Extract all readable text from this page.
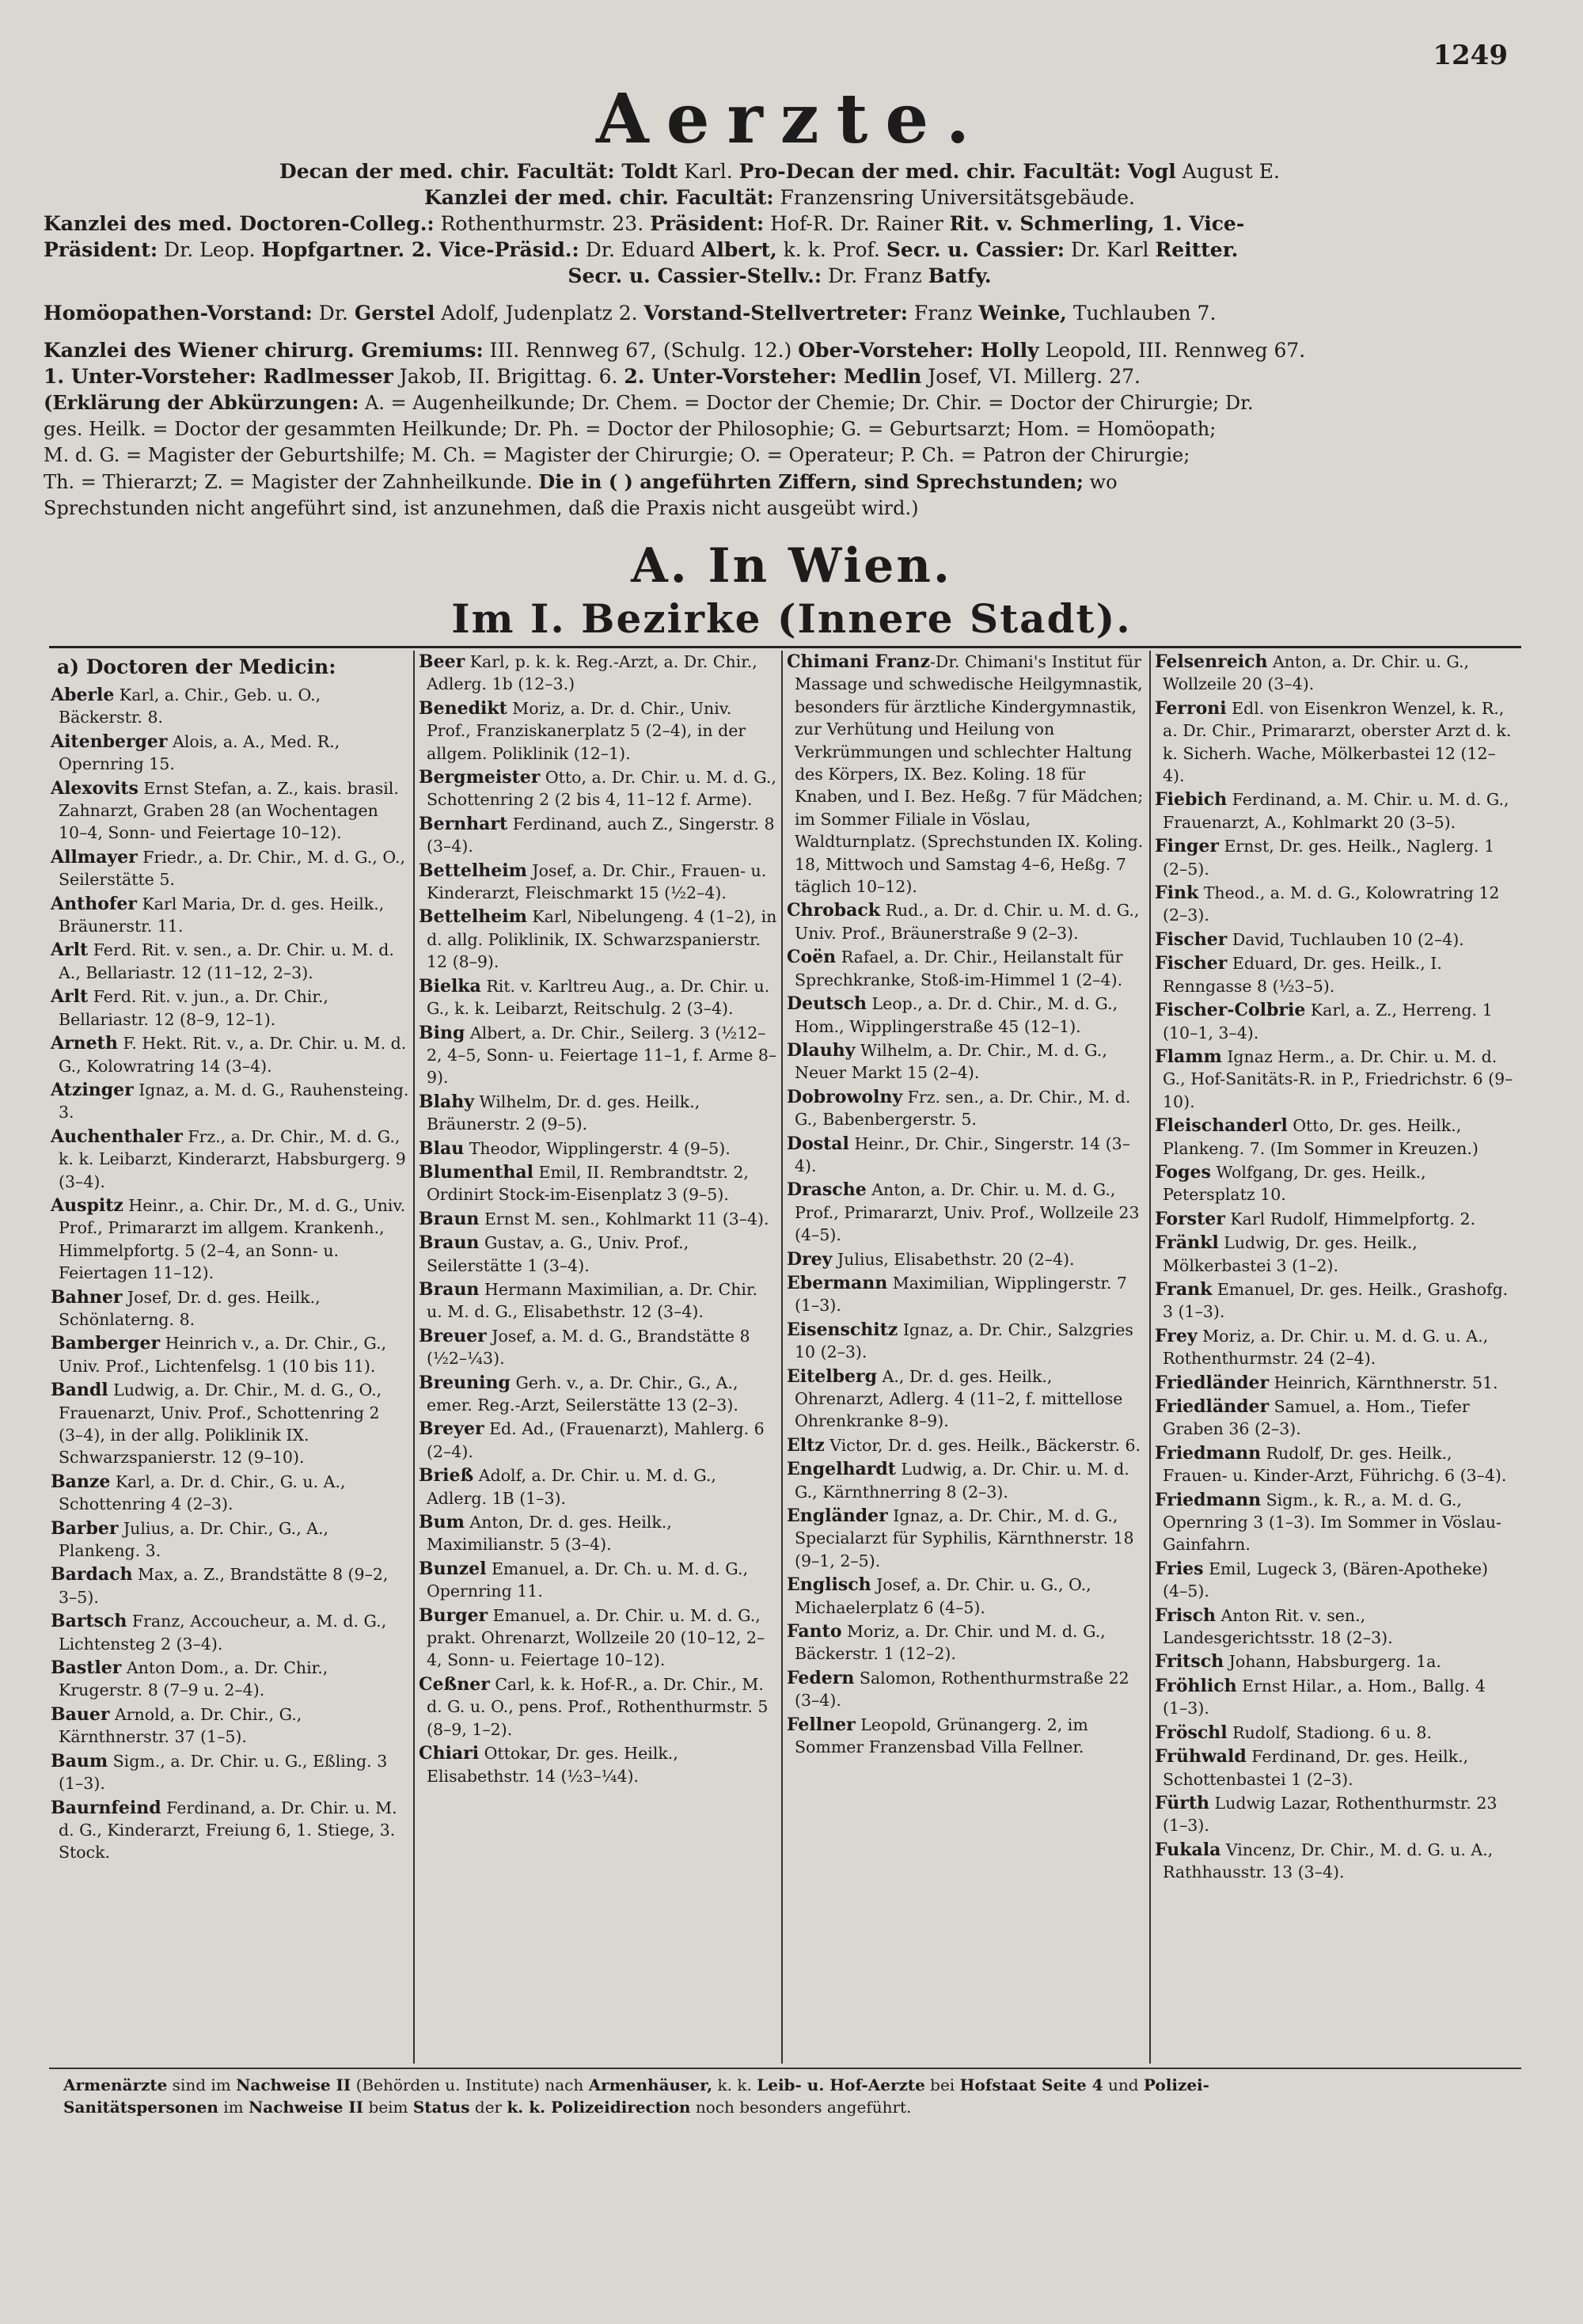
1249
Aerzte.
Decan der med. chir. Facultät: Toldt Karl. Pro-Decan der med. chir. Facultät: Vogl August E.
Kanzlei der med. chir. Facultät: Franzensring Universitätsgebäude.
Kanzlei des med. Doctoren-Colleg.: Rothenthurmstr. 23. Präsident: Hof-R. Dr. Rainer Rit. v. Schmerling, 1. Vice-
Präsident: Dr. Leop. Hopfgartner. 2. Vice-Präsid.: Dr. Eduard Albert, k. k. Prof. Secr. u. Cassier: Dr. Karl Reitter.
Secr. u. Cassier-Stellv.: Dr. Franz Batfy.
Homöopathen-Vorstand: Dr. Gerstel Adolf, Judenplatz 2. Vorstand-Stellvertreter: Franz Weinke, Tuchlauben 7.
Kanzlei des Wiener chirurg. Gremiums: III. Rennweg 67, (Schulg. 12.) Ober-Vorsteher: Holly Leopold, III. Rennweg 67.
1. Unter-Vorsteher: Radlmesser Jakob, II. Brigittag. 6. 2. Unter-Vorsteher: Medlin Josef, VI. Millerg. 27.
(Erklärung der Abkürzungen: A. = Augenheilkunde; Dr. Chem. = Doctor der Chemie; Dr. Chir. = Doctor der Chirurgie; Dr.
ges. Heilk. = Doctor der gesammten Heilkunde; Dr. Ph. = Doctor der Philosophie; G. = Geburtsarzt; Hom. = Homöopath;
M. d. G. = Magister der Geburtshilfe; M. Ch. = Magister der Chirurgie; O. = Operateur; P. Ch. = Patron der Chirurgie;
Th. = Thierarzt; Z. = Magister der Zahnheilkunde. Die in ( ) angeführten Ziffern, sind Sprechstunden; wo
Sprechstunden nicht angeführt sind, ist anzunehmen, daß die Praxis nicht ausgeübt wird.)
A. In Wien.
Im I. Bezirke (Innere Stadt).
a) Doctoren der Medicin:
Aberle Karl, a. Chir., Geb. u. O., Bäckerstr. 8.
Aitenberger Alois, a. A., Med. R., Opernring 15.
Alexovits Ernst Stefan, a. Z., kais. brasil. Zahnarzt, Graben 28 (an Wochentagen 10–4, Sonn- und Feiertage 10–12).
Allmayer Friedr., a. Dr. Chir., M. d. G., O., Seilerstätte 5.
Anthofer Karl Maria, Dr. d. ges. Heilk., Bräunerstr. 11.
Arlt Ferd. Rit. v. sen., a. Dr. Chir. u. M. d. A., Bellariastr. 12 (11–12, 2–3).
Arlt Ferd. Rit. v. jun., a. Dr. Chir., Bellariastr. 12 (8–9, 12–1).
Arneth F. Hekt. Rit. v., a. Dr. Chir. u. M. d. G., Kolowratring 14 (3–4).
Atzinger Ignaz, a. M. d. G., Rauhensteing. 3.
Auchenthaler Frz., a. Dr. Chir., M. d. G., k. k. Leibarzt, Kinderarzt, Habsburgerg. 9 (3–4).
Auspitz Heinr., a. Chir. Dr., M. d. G., Univ. Prof., Primararzt im allgem. Krankenh., Himmelpfortg. 5 (2–4, an Sonn- u. Feiertagen 11–12).
Bahner Josef, Dr. d. ges. Heilk., Schönlaterng. 8.
Bamberger Heinrich v., a. Dr. Chir., G., Univ. Prof., Lichtenfelsg. 1 (10 bis 11).
Bandl Ludwig, a. Dr. Chir., M. d. G., O., Frauenarzt, Univ. Prof., Schottenring 2 (3–4), in der allg. Poliklinik IX. Schwarzspanierstr. 12 (9–10).
Banze Karl, a. Dr. d. Chir., G. u. A., Schottenring 4 (2–3).
Barber Julius, a. Dr. Chir., G., A., Plankeng. 3.
Bardach Max, a. Z., Brandstätte 8 (9–2, 3–5).
Bartsch Franz, Accoucheur, a. M. d. G., Lichtensteg 2 (3–4).
Bastler Anton Dom., a. Dr. Chir., Krugerstr. 8 (7–9 u. 2–4).
Bauer Arnold, a. Dr. Chir., G., Kärnthnerstr. 37 (1–5).
Baum Sigm., a. Dr. Chir. u. G., Eßling. 3 (1–3).
Baurnfeind Ferdinand, a. Dr. Chir. u. M. d. G., Kinderarzt, Freiung 6, 1. Stiege, 3. Stock.
Beer Karl, p. k. k. Reg.-Arzt, a. Dr. Chir., Adlerg. 1b (12–3.)
Benedikt Moriz, a. Dr. d. Chir., Univ. Prof., Franziskanerplatz 5 (2–4), in der allgem. Poliklinik (12–1).
Bergmeister Otto, a. Dr. Chir. u. M. d. G., Schottenring 2 (2 bis 4, 11–12 f. Arme).
Bernhart Ferdinand, auch Z., Singerstr. 8 (3–4).
Bettelheim Josef, a. Dr. Chir., Frauen- u. Kinderarzt, Fleischmarkt 15 (½2–4).
Bettelheim Karl, Nibelungeng. 4 (1–2), in d. allg. Poliklinik, IX. Schwarzspanierstr. 12 (8–9).
Bielka Rit. v. Karltreu Aug., a. Dr. Chir. u. G., k. k. Leibarzt, Reitschulg. 2 (3–4).
Bing Albert, a. Dr. Chir., Seilerg. 3 (½12–2, 4–5, Sonn- u. Feiertage 11–1, f. Arme 8–9).
Blahy Wilhelm, Dr. d. ges. Heilk., Bräunerstr. 2 (9–5).
Blau Theodor, Wipplingerstr. 4 (9–5).
Blumenthal Emil, II. Rembrandtstr. 2, Ordinirt Stock-im-Eisenplatz 3 (9–5).
Braun Ernst M. sen., Kohlmarkt 11 (3–4).
Braun Gustav, a. G., Univ. Prof., Seilerstätte 1 (3–4).
Braun Hermann Maximilian, a. Dr. Chir. u. M. d. G., Elisabethstr. 12 (3–4).
Breuer Josef, a. M. d. G., Brandstätte 8 (½2–¼3).
Breuning Gerh. v., a. Dr. Chir., G., A., emer. Reg.-Arzt, Seilerstätte 13 (2–3).
Breyer Ed. Ad., (Frauenarzt), Mahlerg. 6 (2–4).
Brieß Adolf, a. Dr. Chir. u. M. d. G., Adlerg. 1B (1–3).
Bum Anton, Dr. d. ges. Heilk., Maximilianstr. 5 (3–4).
Bunzel Emanuel, a. Dr. Ch. u. M. d. G., Opernring 11.
Burger Emanuel, a. Dr. Chir. u. M. d. G., prakt. Ohrenarzt, Wollzeile 20 (10–12, 2–4, Sonn- u. Feiertage 10–12).
Ceßner Carl, k. k. Hof-R., a. Dr. Chir., M. d. G. u. O., pens. Prof., Rothenthurmstr. 5 (8–9, 1–2).
Chiari Ottokar, Dr. ges. Heilk., Elisabethstr. 14 (½3–¼4).
Chimani Franz-Dr. Chimani's Institut für Massage und schwedische Heilgymnastik, besonders für ärztliche Kindergymnastik, zur Verhütung und Heilung von Verkrümmungen und schlechter Haltung des Körpers, IX. Bez. Koling. 18 für Knaben, und I. Bez. Heßg. 7 für Mädchen; im Sommer Filiale in Vöslau, Waldturnplatz. (Sprechstunden IX. Koling. 18, Mittwoch und Samstag 4–6, Heßg. 7 täglich 10–12).
Chroback Rud., a. Dr. d. Chir. u. M. d. G., Univ. Prof., Bräunerstraße 9 (2–3).
Coën Rafael, a. Dr. Chir., Heilanstalt für Sprechkranke, Stoß-im-Himmel 1 (2–4).
Deutsch Leop., a. Dr. d. Chir., M. d. G., Hom., Wipplingerstraße 45 (12–1).
Dlauhy Wilhelm, a. Dr. Chir., M. d. G., Neuer Markt 15 (2–4).
Dobrowolny Frz. sen., a. Dr. Chir., M. d. G., Babenbergerstr. 5.
Dostal Heinr., Dr. Chir., Singerstr. 14 (3–4).
Drasche Anton, a. Dr. Chir. u. M. d. G., Prof., Primararzt, Univ. Prof., Wollzeile 23 (4–5).
Drey Julius, Elisabethstr. 20 (2–4).
Ebermann Maximilian, Wipplingerstr. 7 (1–3).
Eisenschitz Ignaz, a. Dr. Chir., Salzgries 10 (2–3).
Eitelberg A., Dr. d. ges. Heilk., Ohrenarzt, Adlerg. 4 (11–2, f. mittellose Ohrenkranke 8–9).
Eltz Victor, Dr. d. ges. Heilk., Bäckerstr. 6.
Engelhardt Ludwig, a. Dr. Chir. u. M. d. G., Kärnthnerring 8 (2–3).
Engländer Ignaz, a. Dr. Chir., M. d. G., Specialarzt für Syphilis, Kärnthnerstr. 18 (9–1, 2–5).
Englisch Josef, a. Dr. Chir. u. G., O., Michaelerplatz 6 (4–5).
Fanto Moriz, a. Dr. Chir. und M. d. G., Bäckerstr. 1 (12–2).
Federn Salomon, Rothenthurmstraße 22 (3–4).
Fellner Leopold, Grünangerg. 2, im Sommer Franzensbad Villa Fellner.
Felsenreich Anton, a. Dr. Chir. u. G., Wollzeile 20 (3–4).
Ferroni Edl. von Eisenkron Wenzel, k. R., a. Dr. Chir., Primararzt, oberster Arzt d. k. k. Sicherh. Wache, Mölkerbastei 12 (12–4).
Fiebich Ferdinand, a. M. Chir. u. M. d. G., Frauenarzt, A., Kohlmarkt 20 (3–5).
Finger Ernst, Dr. ges. Heilk., Naglerg. 1 (2–5).
Fink Theod., a. M. d. G., Kolowratring 12 (2–3).
Fischer David, Tuchlauben 10 (2–4).
Fischer Eduard, Dr. ges. Heilk., I. Renngasse 8 (½3–5).
Fischer-Colbrie Karl, a. Z., Herreng. 1 (10–1, 3–4).
Flamm Ignaz Herm., a. Dr. Chir. u. M. d. G., Hof-Sanitäts-R. in P., Friedrichstr. 6 (9–10).
Fleischanderl Otto, Dr. ges. Heilk., Plankeng. 7. (Im Sommer in Kreuzen.)
Foges Wolfgang, Dr. ges. Heilk., Petersplatz 10.
Forster Karl Rudolf, Himmelpfortg. 2.
Fränkl Ludwig, Dr. ges. Heilk., Mölkerbastei 3 (1–2).
Frank Emanuel, Dr. ges. Heilk., Grashofg. 3 (1–3).
Frey Moriz, a. Dr. Chir. u. M. d. G. u. A., Rothenthurmstr. 24 (2–4).
Friedländer Heinrich, Kärnthnerstr. 51.
Friedländer Samuel, a. Hom., Tiefer Graben 36 (2–3).
Friedmann Rudolf, Dr. ges. Heilk., Frauen- u. Kinder-Arzt, Führichg. 6 (3–4).
Friedmann Sigm., k. R., a. M. d. G., Opernring 3 (1–3). Im Sommer in Vöslau-Gainfahrn.
Fries Emil, Lugeck 3, (Bären-Apotheke) (4–5).
Frisch Anton Rit. v. sen., Landesgerichtsstr. 18 (2–3).
Fritsch Johann, Habsburgerg. 1a.
Fröhlich Ernst Hilar., a. Hom., Ballg. 4 (1–3).
Fröschl Rudolf, Stadiong. 6 u. 8.
Frühwald Ferdinand, Dr. ges. Heilk., Schottenbastei 1 (2–3).
Fürth Ludwig Lazar, Rothenthurmstr. 23 (1–3).
Fukala Vincenz, Dr. Chir., M. d. G. u. A., Rathhausstr. 13 (3–4).
Armenärzte sind im Nachweise II (Behörden u. Institute) nach Armenhäuser, k. k. Leib- u. Hof-Aerzte bei Hofstaat Seite 4 und Polizei-
Sanitätspersonen im Nachweise II beim Status der k. k. Polizeidirection noch besonders angeführt.
